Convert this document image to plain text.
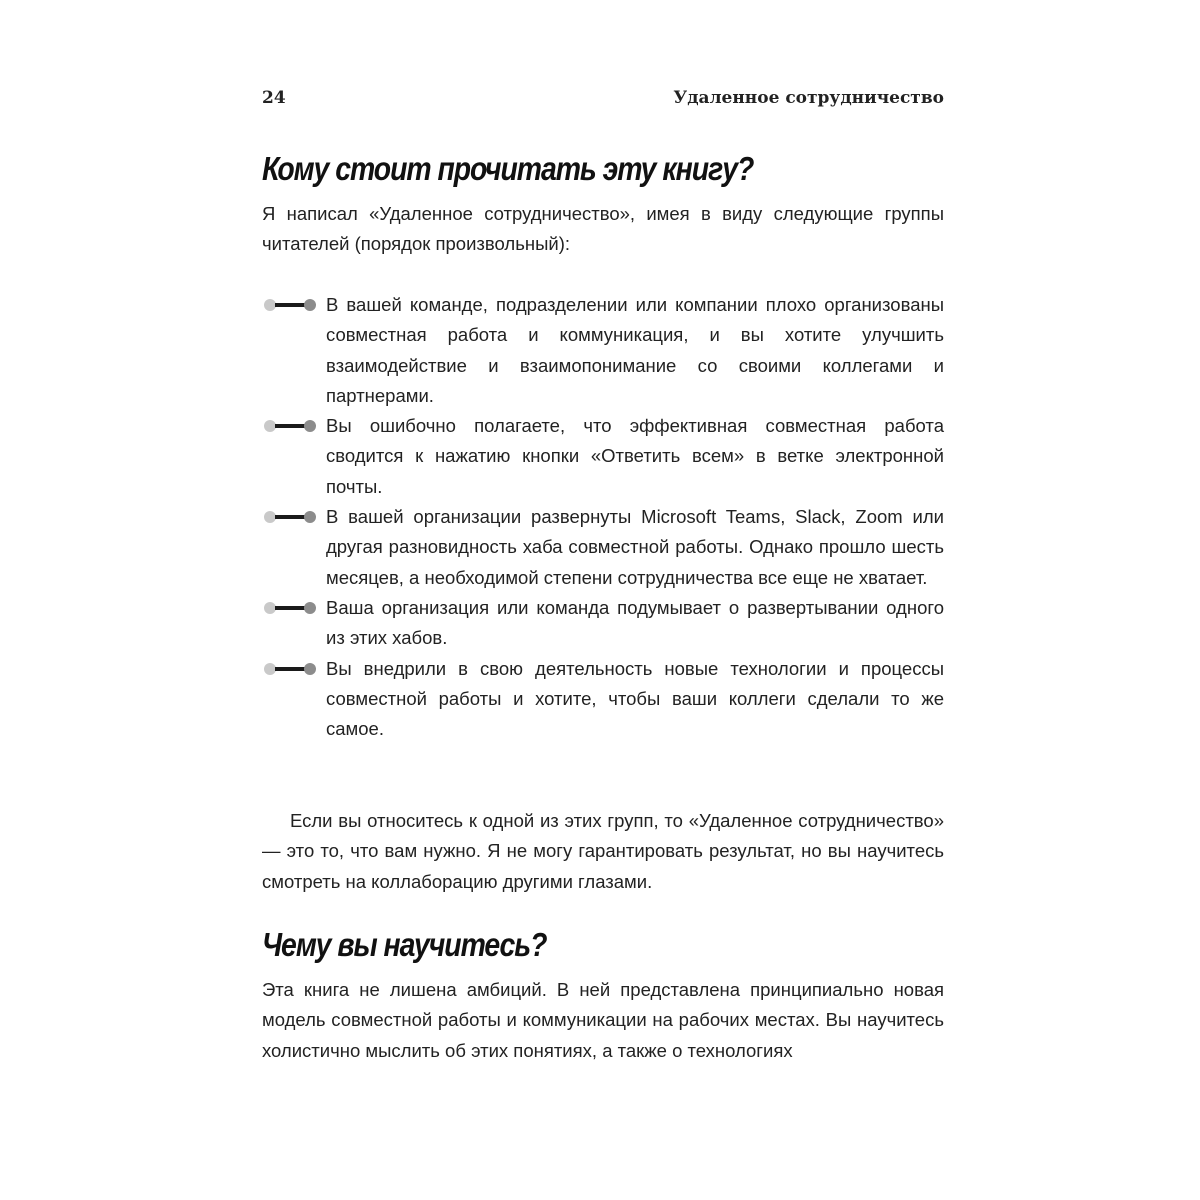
24	Удаленное сотрудничество
Кому стоит прочитать эту книгу?

Я написал «Удаленное сотрудничество», имея в виду следующие группы читателей (порядок произвольный):

В вашей команде, подразделении или компании плохо организованы совместная работа и коммуникация, и вы хотите улучшить взаимодействие и взаимопонимание со своими коллегами и партнерами.
Вы ошибочно полагаете, что эффективная совместная работа сводится к нажатию кнопки «Ответить всем» в ветке электронной почты.
В вашей организации развернуты Microsoft Teams, Slack, Zoom или другая разновидность хаба совместной работы. Однако прошло шесть месяцев, а необходимой степени сотрудничества все еще не хватает.
Ваша организация или команда подумывает о развертывании одного из этих хабов.
Вы внедрили в свою деятельность новые технологии и процессы совместной работы и хотите, чтобы ваши коллеги сделали то же самое.

Если вы относитесь к одной из этих групп, то «Удаленное сотрудничество» — это то, что вам нужно. Я не могу гарантировать результат, но вы научитесь смотреть на коллаборацию другими глазами.

Чему вы научитесь?

Эта книга не лишена амбиций. В ней представлена принципиально новая модель совместной работы и коммуникации на рабочих местах. Вы научитесь холистично мыслить об этих понятиях, а также о технологиях
